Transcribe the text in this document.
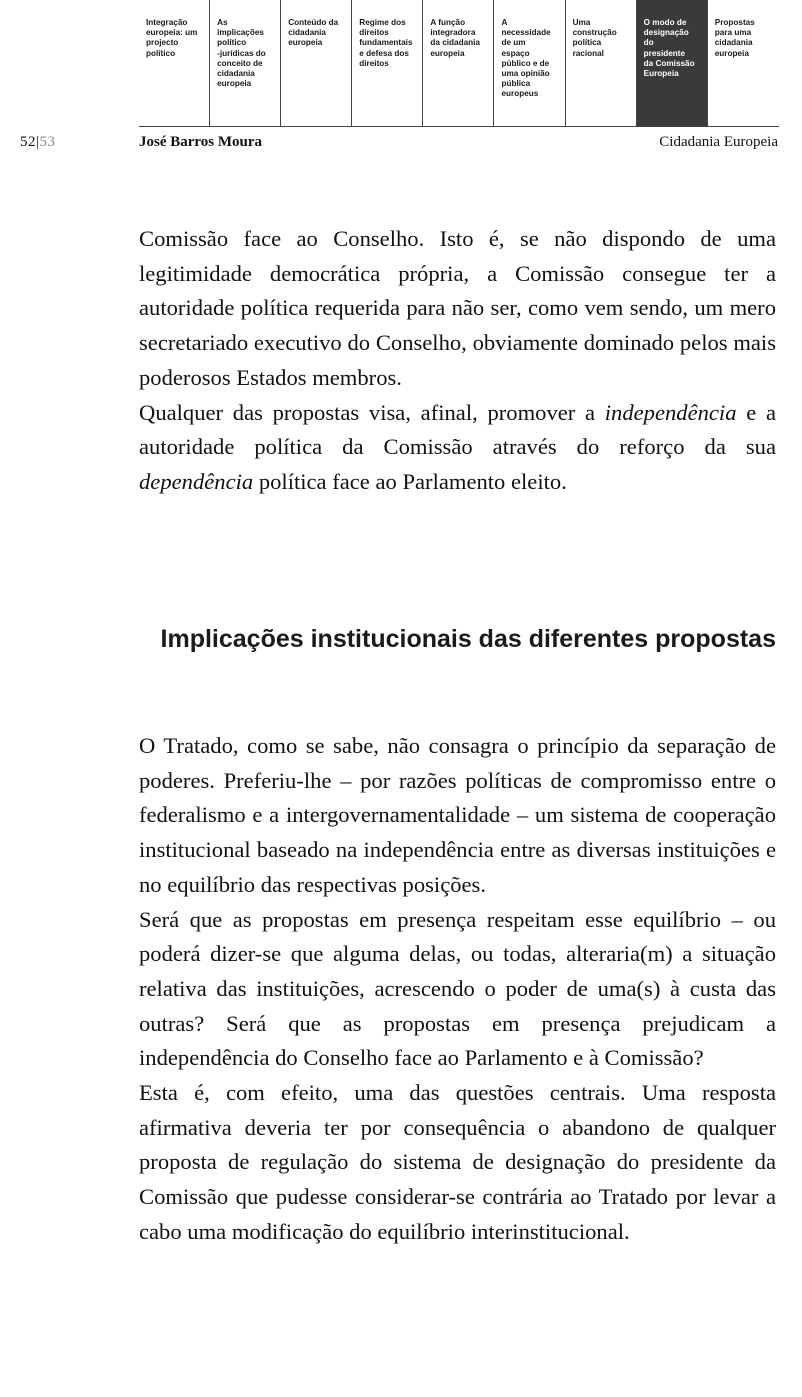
Integração
europeia: um
projecto
político
As
implicações
político
-jurídicas do
conceito de
cidadania
europeia
Conteúdo da
cidadania
europeia
Regime dos
direitos
fundamentais
e defesa dos
direitos
A função
integradora
da cidadania
europeia
A
necessidade
de um
espaço
público e de
uma opinião
pública
europeus
Uma
construção
política
racional
O modo de
designação
do
presidente
da Comissão
Europeia
Propostas
para uma
cidadania
europeia
52|53	José Barros Moura	Cidadania Europeia

Comissão face ao Conselho. Isto é, se não dispondo de uma legitimidade democrática própria, a Comissão consegue ter a autoridade política requerida para não ser, como vem sendo, um mero secretariado executivo do Conselho, obviamente dominado pelos mais poderosos Estados membros.

Qualquer das propostas visa, afinal, promover a independência e a autoridade política da Comissão através do reforço da sua dependência política face ao Parlamento eleito.

Implicações institucionais das diferentes propostas

O Tratado, como se sabe, não consagra o princípio da separação de poderes. Preferiu-lhe – por razões políticas de compromisso entre o federalismo e a intergovernamentalidade – um sistema de cooperação institucional baseado na independência entre as diversas instituições e no equilíbrio das respectivas posições.

Será que as propostas em presença respeitam esse equilíbrio – ou poderá dizer-se que alguma delas, ou todas, alteraria(m) a situação relativa das instituições, acrescendo o poder de uma(s) à custa das outras? Será que as propostas em presença prejudicam a independência do Conselho face ao Parlamento e à Comissão?

Esta é, com efeito, uma das questões centrais. Uma resposta afirmativa deveria ter por consequência o abandono de qualquer proposta de regulação do sistema de designação do presidente da Comissão que pudesse considerar-se contrária ao Tratado por levar a cabo uma modificação do equilíbrio interinstitucional.
